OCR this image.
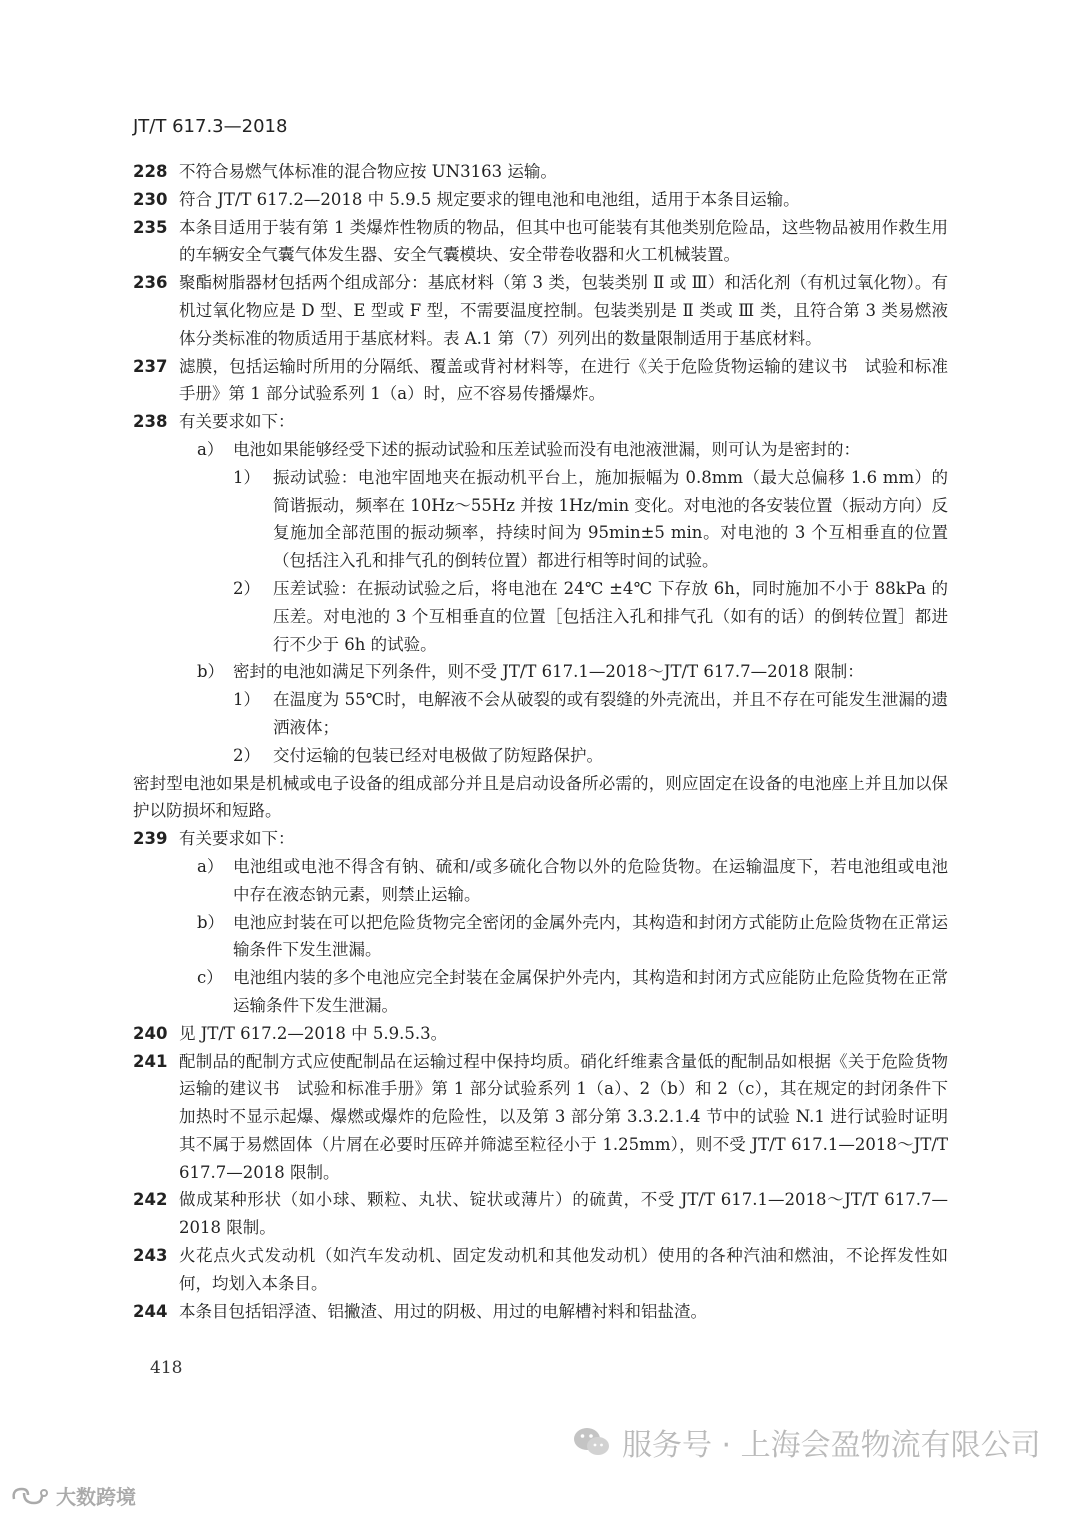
JT/T 617.3—2018
228 不符合易燃气体标准的混合物应按 UN3163 运输。
230 符合 JT/T 617.2—2018 中 5.9.5 规定要求的锂电池和电池组，适用于本条目运输。
235 本条目适用于装有第 1 类爆炸性物质的物品，但其中也可能装有其他类别危险品，这些物品被用作救生用的车辆安全气囊气体发生器、安全气囊模块、安全带卷收器和火工机械装置。
236 聚酯树脂器材包括两个组成部分：基底材料（第 3 类，包装类别 Ⅱ 或 Ⅲ）和活化剂（有机过氧化物）。有机过氧化物应是 D 型、E 型或 F 型，不需要温度控制。包装类别是 Ⅱ 类或 Ⅲ 类，且符合第 3 类易燃液体分类标准的物质适用于基底材料。表 A.1 第（7）列列出的数量限制适用于基底材料。
237 滤膜，包括运输时所用的分隔纸、覆盖或背衬材料等，在进行《关于危险货物运输的建议书　试验和标准手册》第 1 部分试验系列 1（a）时，应不容易传播爆炸。
238 有关要求如下：
a） 电池如果能够经受下述的振动试验和压差试验而没有电池液泄漏，则可认为是密封的：
1） 振动试验：电池牢固地夹在振动机平台上，施加振幅为 0.8mm（最大总偏移 1.6 mm）的简谐振动，频率在 10Hz～55Hz 并按 1Hz/min 变化。对电池的各安装位置（振动方向）反复施加全部范围的振动频率，持续时间为 95min±5 min。对电池的 3 个互相垂直的位置（包括注入孔和排气孔的倒转位置）都进行相等时间的试验。
2） 压差试验：在振动试验之后，将电池在 24℃ ±4℃ 下存放 6h，同时施加不小于 88kPa 的压差。对电池的 3 个互相垂直的位置［包括注入孔和排气孔（如有的话）的倒转位置］都进行不少于 6h 的试验。
b） 密封的电池如满足下列条件，则不受 JT/T 617.1—2018～JT/T 617.7—2018 限制：
1） 在温度为 55℃时，电解液不会从破裂的或有裂缝的外壳流出，并且不存在可能发生泄漏的遗洒液体；
2） 交付运输的包装已经对电极做了防短路保护。
密封型电池如果是机械或电子设备的组成部分并且是启动设备所必需的，则应固定在设备的电池座上并且加以保护以防损坏和短路。
239 有关要求如下：
a） 电池组或电池不得含有钠、硫和/或多硫化合物以外的危险货物。在运输温度下，若电池组或电池中存在液态钠元素，则禁止运输。
b） 电池应封装在可以把危险货物完全密闭的金属外壳内，其构造和封闭方式能防止危险货物在正常运输条件下发生泄漏。
c） 电池组内装的多个电池应完全封装在金属保护外壳内，其构造和封闭方式应能防止危险货物在正常运输条件下发生泄漏。
240 见 JT/T 617.2—2018 中 5.9.5.3。
241 配制品的配制方式应使配制品在运输过程中保持均质。硝化纤维素含量低的配制品如根据《关于危险货物运输的建议书　试验和标准手册》第 1 部分试验系列 1（a）、2（b）和 2（c），其在规定的封闭条件下加热时不显示起爆、爆燃或爆炸的危险性，以及第 3 部分第 3.3.2.1.4 节中的试验 N.1 进行试验时证明其不属于易燃固体（片屑在必要时压碎并筛滤至粒径小于 1.25mm），则不受 JT/T 617.1—2018～JT/T 617.7—2018 限制。
242 做成某种形状（如小球、颗粒、丸状、锭状或薄片）的硫黄，不受 JT/T 617.1—2018～JT/T 617.7—2018 限制。
243 火花点火式发动机（如汽车发动机、固定发动机和其他发动机）使用的各种汽油和燃油，不论挥发性如何，均划入本条目。
244 本条目包括铝浮渣、铝撇渣、用过的阴极、用过的电解槽衬料和铝盐渣。
418
服务号 · 上海会盈物流有限公司
大数跨境
